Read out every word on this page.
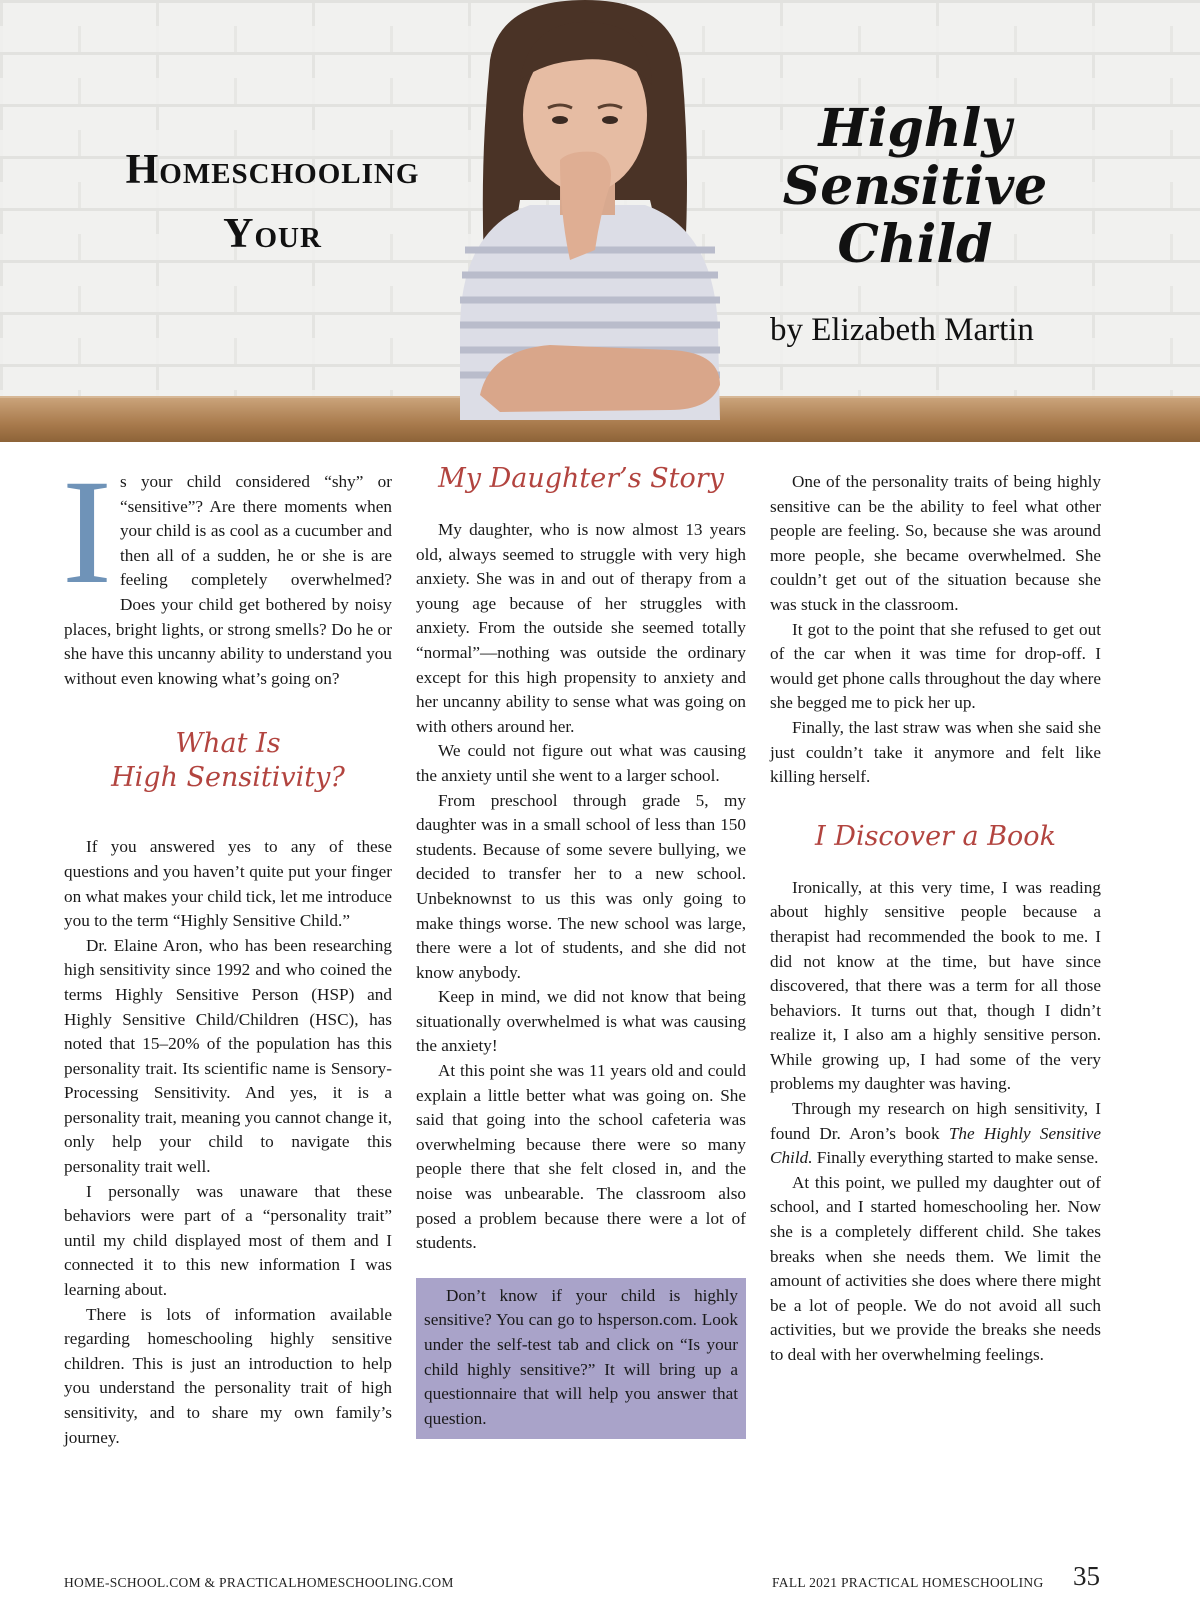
Homeschooling
Your
Highly
Sensitive
Child
by Elizabeth Martin

Is your child considered “shy” or “sensitive”? Are there moments when your child is as cool as a cucumber and then all of a sudden, he or she is are feeling completely overwhelmed? Does your child get bothered by noisy places, bright lights, or strong smells? Do he or she have this uncanny ability to understand you without even knowing what’s going on?

What Is
High Sensitivity?

If you answered yes to any of these questions and you haven’t quite put your finger on what makes your child tick, let me introduce you to the term “Highly Sensitive Child.”

Dr. Elaine Aron, who has been researching high sensitivity since 1992 and who coined the terms Highly Sensitive Person (HSP) and Highly Sensitive Child/Children (HSC), has noted that 15–20% of the population has this personality trait. Its scientific name is Sensory-Processing Sensitivity. And yes, it is a personality trait, meaning you cannot change it, only help your child to navigate this personality trait well.

I personally was unaware that these behaviors were part of a “personality trait” until my child displayed most of them and I connected it to this new information I was learning about.

There is lots of information available regarding homeschooling highly sensitive children. This is just an introduction to help you understand the personality trait of high sensitivity, and to share my own family’s journey.

My Daughter’s Story

My daughter, who is now almost 13 years old, always seemed to struggle with very high anxiety. She was in and out of therapy from a young age because of her struggles with anxiety. From the outside she seemed totally “normal”—nothing was outside the ordinary except for this high propensity to anxiety and her uncanny ability to sense what was going on with others around her.

We could not figure out what was causing the anxiety until she went to a larger school.

From preschool through grade 5, my daughter was in a small school of less than 150 students. Because of some severe bullying, we decided to transfer her to a new school. Unbeknownst to us this was only going to make things worse. The new school was large, there were a lot of students, and she did not know anybody.

Keep in mind, we did not know that being situationally overwhelmed is what was causing the anxiety!

At this point she was 11 years old and could explain a little better what was going on. She said that going into the school cafeteria was overwhelming because there were so many people there that she felt closed in, and the noise was unbearable. The classroom also posed a problem because there were a lot of students.

Don’t know if your child is highly sensitive? You can go to hsperson.com. Look under the self-test tab and click on “Is your child highly sensitive?” It will bring up a questionnaire that will help you answer that question.

One of the personality traits of being highly sensitive can be the ability to feel what other people are feeling. So, because she was around more people, she became overwhelmed. She couldn’t get out of the situation because she was stuck in the classroom.

It got to the point that she refused to get out of the car when it was time for drop-off. I would get phone calls throughout the day where she begged me to pick her up.

Finally, the last straw was when she said she just couldn’t take it anymore and felt like killing herself.

I Discover a Book

Ironically, at this very time, I was reading about highly sensitive people because a therapist had recommended the book to me. I did not know at the time, but have since discovered, that there was a term for all those behaviors. It turns out that, though I didn’t realize it, I also am a highly sensitive person. While growing up, I had some of the very problems my daughter was having.

Through my research on high sensitivity, I found Dr. Aron’s book The Highly Sensitive Child. Finally everything started to make sense.

At this point, we pulled my daughter out of school, and I started homeschooling her. Now she is a completely different child. She takes breaks when she needs them. We limit the amount of activities she does where there might be a lot of people. We do not avoid all such activities, but we provide the breaks she needs to deal with her overwhelming feelings.

HOME-SCHOOL.COM & PRACTICALHOMESCHOOLING.COM	FALL 2021 PRACTICAL HOMESCHOOLING 35
